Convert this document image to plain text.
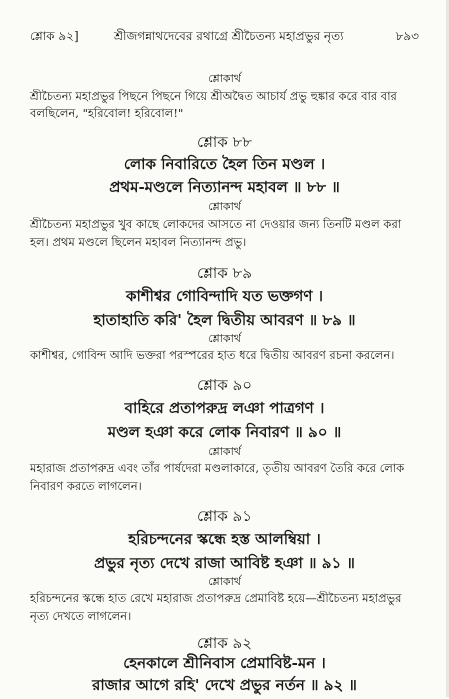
শ্লোক ৯২]	শ্রীজগন্নাথদেবের রথাগ্রে শ্রীচৈতন্য মহাপ্রভুর নৃত্য	৮৯৩
শ্লোকার্থ
শ্রীচৈতন্য মহাপ্রভুর পিছনে পিছনে গিয়ে শ্রীঅদ্বৈত আচার্য প্রভু হুঙ্কার করে বার বার
বলছিলেন, "হরিবোল! হরিবোল!"
শ্লোক ৮৮
লোক নিবারিতে হৈল তিন মণ্ডল ।
প্রথম-মণ্ডলে নিত্যানন্দ মহাবল ॥ ৮৮ ॥
শ্লোকার্থ
শ্রীচৈতন্য মহাপ্রভুর খুব কাছে লোকদের আসতে না দেওয়ার জন্য তিনটি মণ্ডল করা
হল। প্রথম মণ্ডলে ছিলেন মহাবল নিত্যানন্দ প্রভু।
শ্লোক ৮৯
কাশীশ্বর গোবিন্দাদি যত ভক্তগণ ।
হাতাহাতি করি' হৈল দ্বিতীয় আবরণ ॥ ৮৯ ॥
শ্লোকার্থ
কাশীশ্বর, গোবিন্দ আদি ভক্তরা পরস্পরের হাত ধরে দ্বিতীয় আবরণ রচনা করলেন।
শ্লোক ৯০
বাহিরে প্রতাপরুদ্র লঞা পাত্রগণ ।
মণ্ডল হঞা করে লোক নিবারণ ॥ ৯০ ॥
শ্লোকার্থ
মহারাজ প্রতাপরুদ্র এবং তাঁর পার্ষদেরা মণ্ডলাকারে, তৃতীয় আবরণ তৈরি করে লোক
নিবারণ করতে লাগলেন।
শ্লোক ৯১
হরিচন্দনের স্কন্ধে হস্ত আলম্বিয়া ।
প্রভুর নৃত্য দেখে রাজা আবিষ্ট হঞা ॥ ৯১ ॥
শ্লোকার্থ
হরিচন্দনের স্কন্ধে হাত রেখে মহারাজ প্রতাপরুদ্র প্রেমাবিষ্ট হয়ে—শ্রীচৈতন্য মহাপ্রভুর
নৃত্য দেখতে লাগলেন।
শ্লোক ৯২
হেনকালে শ্রীনিবাস প্রেমাবিষ্ট-মন ।
রাজার আগে রহি' দেখে প্রভুর নর্তন ॥ ৯২ ॥
